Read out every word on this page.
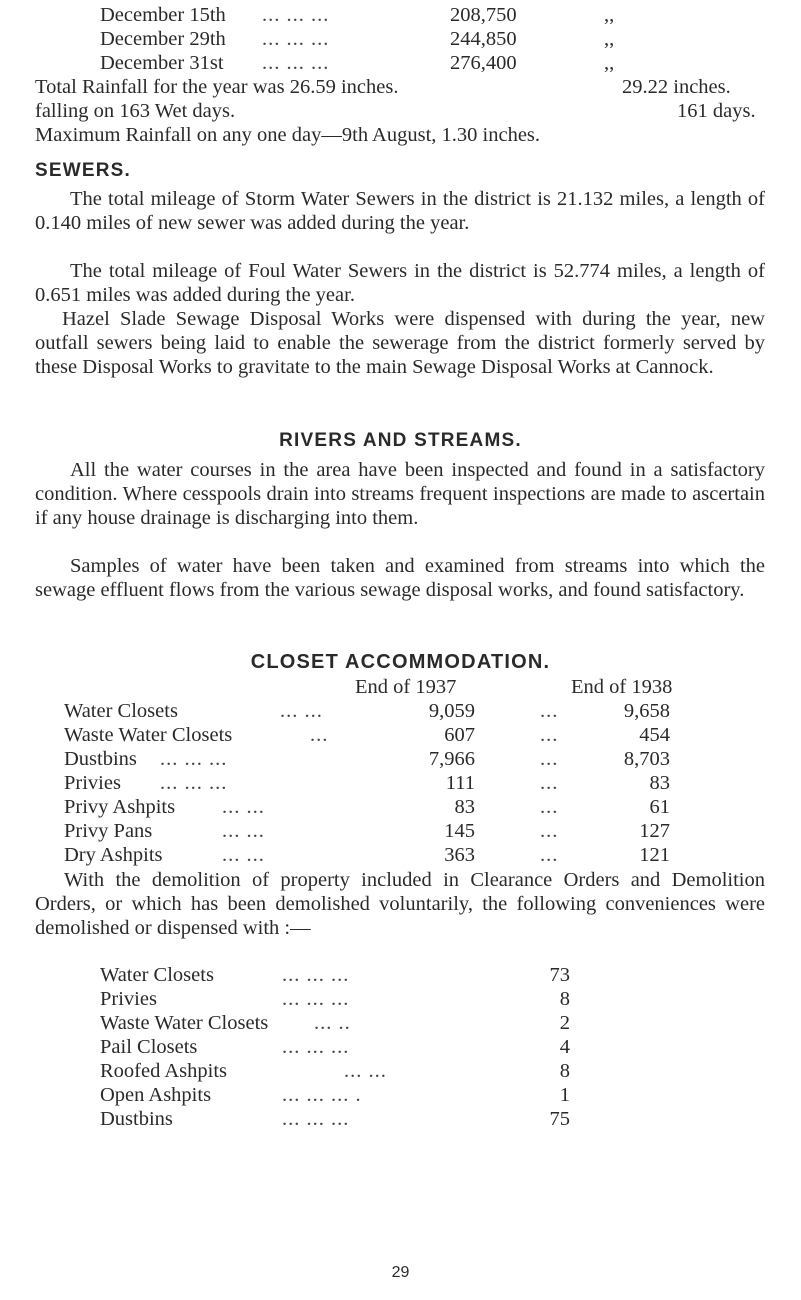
December 15th ... ... ...	208,750	,,
December 29th ... ... ...	244,850	,,
December 31st ... ... ...	276,400	,,
Total Rainfall for the year was 26.59 inches.	29.22 inches.
falling on 163 Wet days.	161 days.
Maximum Rainfall on any one day—9th August, 1.30 inches.
SEWERS.
The total mileage of Storm Water Sewers in the district is 21.132 miles, a length of 0.140 miles of new sewer was added during the year.
The total mileage of Foul Water Sewers in the district is 52.774 miles, a length of 0.651 miles was added during the year.
Hazel Slade Sewage Disposal Works were dispensed with during the year, new outfall sewers being laid to enable the sewerage from the district formerly served by these Disposal Works to gravitate to the main Sewage Disposal Works at Cannock.
RIVERS AND STREAMS.
All the water courses in the area have been inspected and found in a satisfactory condition. Where cesspools drain into streams frequent inspections are made to ascertain if any house drainage is discharging into them.
Samples of water have been taken and examined from streams into which the sewage effluent flows from the various sewage disposal works, and found satisfactory.
CLOSET ACCOMMODATION.
End of 1937	End of 1938
Water Closets	... ...	9,059	...	9,658
Waste Water Closets	...	607	...	454
Dustbins ... ... ...	7,966	...	8,703
Privies ... ... ...	111	...	83
Privy Ashpits ... ...	83	...	61
Privy Pans	... ...	145	...	127
Dry Ashpits	... ...	363	...	121
With the demolition of property included in Clearance Orders and Demolition Orders, or which has been demolished voluntarily, the following conveniences were demolished or dispensed with :—
Water Closets	... ... ...	73
Privies	... ... ...	8
Waste Water Closets ... ..	2
Pail Closets	... ... ...	4
Roofed Ashpits	... ...	8
Open Ashpits	... ... ... .	1
Dustbins	... ... ...	75
29
